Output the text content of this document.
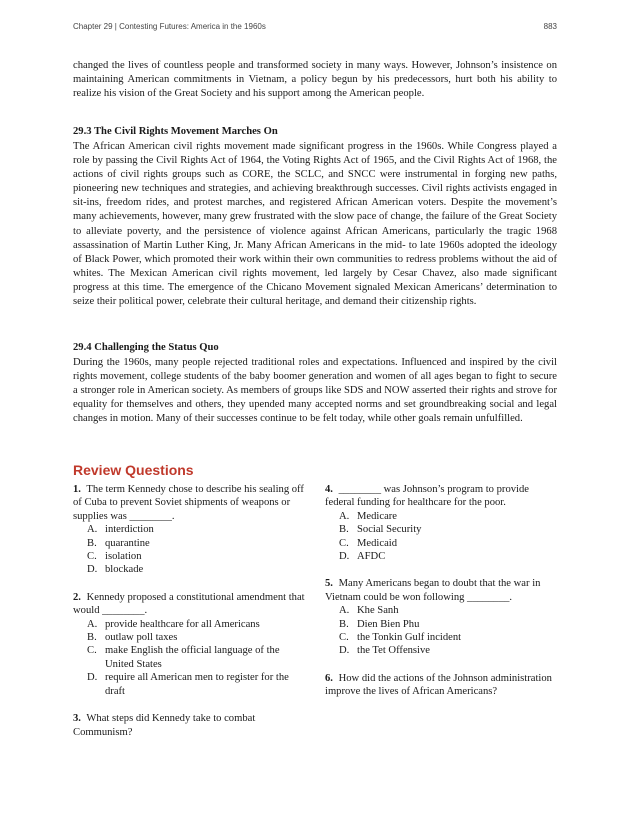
Chapter 29 | Contesting Futures: America in the 1960s	883

changed the lives of countless people and transformed society in many ways. However, Johnson’s insistence on maintaining American commitments in Vietnam, a policy begun by his predecessors, hurt both his ability to realize his vision of the Great Society and his support among the American people.

29.3 The Civil Rights Movement Marches On

The African American civil rights movement made significant progress in the 1960s. While Congress played a role by passing the Civil Rights Act of 1964, the Voting Rights Act of 1965, and the Civil Rights Act of 1968, the actions of civil rights groups such as CORE, the SCLC, and SNCC were instrumental in forging new paths, pioneering new techniques and strategies, and achieving breakthrough successes. Civil rights activists engaged in sit-ins, freedom rides, and protest marches, and registered African American voters. Despite the movement’s many achievements, however, many grew frustrated with the slow pace of change, the failure of the Great Society to alleviate poverty, and the persistence of violence against African Americans, particularly the tragic 1968 assassination of Martin Luther King, Jr. Many African Americans in the mid- to late 1960s adopted the ideology of Black Power, which promoted their work within their own communities to redress problems without the aid of whites. The Mexican American civil rights movement, led largely by Cesar Chavez, also made significant progress at this time. The emergence of the Chicano Movement signaled Mexican Americans’ determination to seize their political power, celebrate their cultural heritage, and demand their citizenship rights.

29.4 Challenging the Status Quo

During the 1960s, many people rejected traditional roles and expectations. Influenced and inspired by the civil rights movement, college students of the baby boomer generation and women of all ages began to fight to secure a stronger role in American society. As members of groups like SDS and NOW asserted their rights and strove for equality for themselves and others, they upended many accepted norms and set groundbreaking social and legal changes in motion. Many of their successes continue to be felt today, while other goals remain unfulfilled.

Review Questions

1. The term Kennedy chose to describe his sealing off of Cuba to prevent Soviet shipments of weapons or supplies was ________.

A. interdiction
B. quarantine
C. isolation
D. blockade

2. Kennedy proposed a constitutional amendment that would ________.

A. provide healthcare for all Americans
B. outlaw poll taxes
C. make English the official language of the United States
D. require all American men to register for the draft

3. What steps did Kennedy take to combat Communism?

4. ________ was Johnson’s program to provide federal funding for healthcare for the poor.

A. Medicare
B. Social Security
C. Medicaid
D. AFDC

5. Many Americans began to doubt that the war in Vietnam could be won following ________.

A. Khe Sanh
B. Dien Bien Phu
C. the Tonkin Gulf incident
D. the Tet Offensive

6. How did the actions of the Johnson administration improve the lives of African Americans?
